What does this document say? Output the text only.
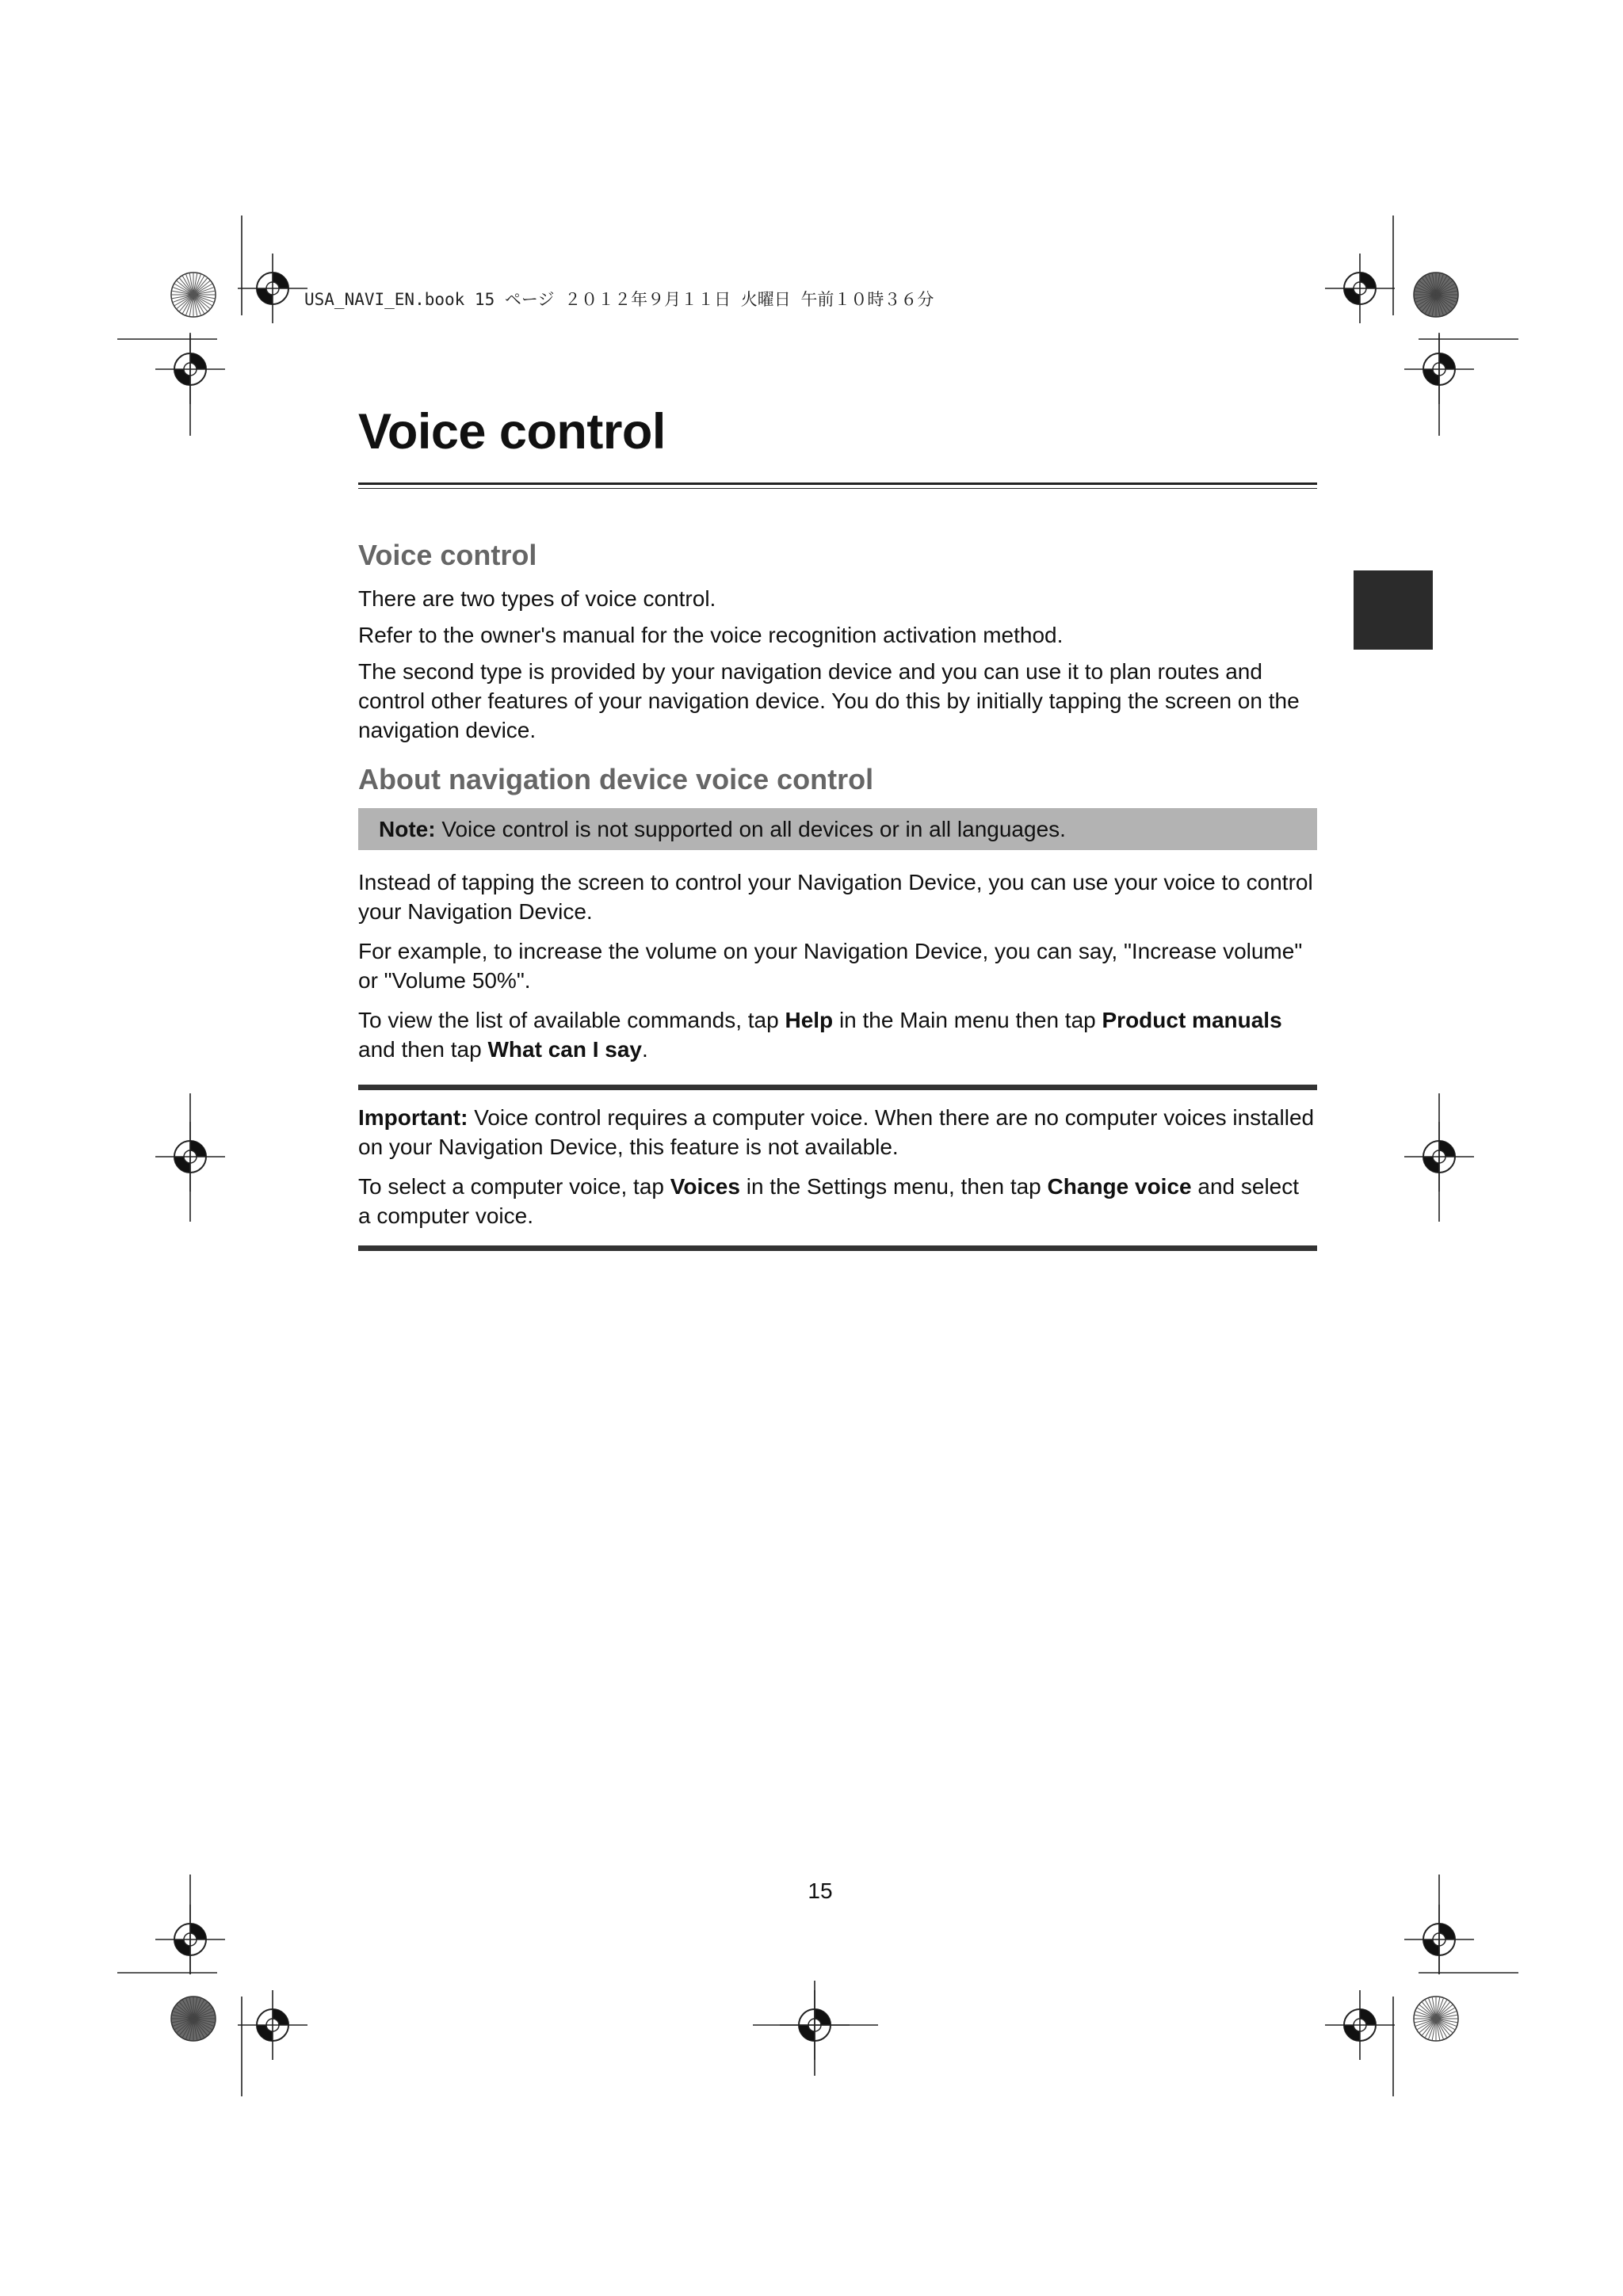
USA_NAVI_EN.book 15 ページ ２０１２年９月１１日 火曜日 午前１０時３６分
Voice control
Voice control

There are two types of voice control.

Refer to the owner's manual for the voice recognition activation method.

The second type is provided by your navigation device and you can use it to plan routes and control other features of your navigation device. You do this by initially tapping the screen on the navigation device.

About navigation device voice control

Note: Voice control is not supported on all devices or in all languages.

Instead of tapping the screen to control your Navigation Device, you can use your voice to control your Navigation Device.

For example, to increase the volume on your Navigation Device, you can say, "Increase volume" or "Volume 50%".

To view the list of available commands, tap Help in the Main menu then tap Product manuals and then tap What can I say.

Important: Voice control requires a computer voice. When there are no computer voices installed on your Navigation Device, this feature is not available.

To select a computer voice, tap Voices in the Settings menu, then tap Change voice and select a computer voice.

15
